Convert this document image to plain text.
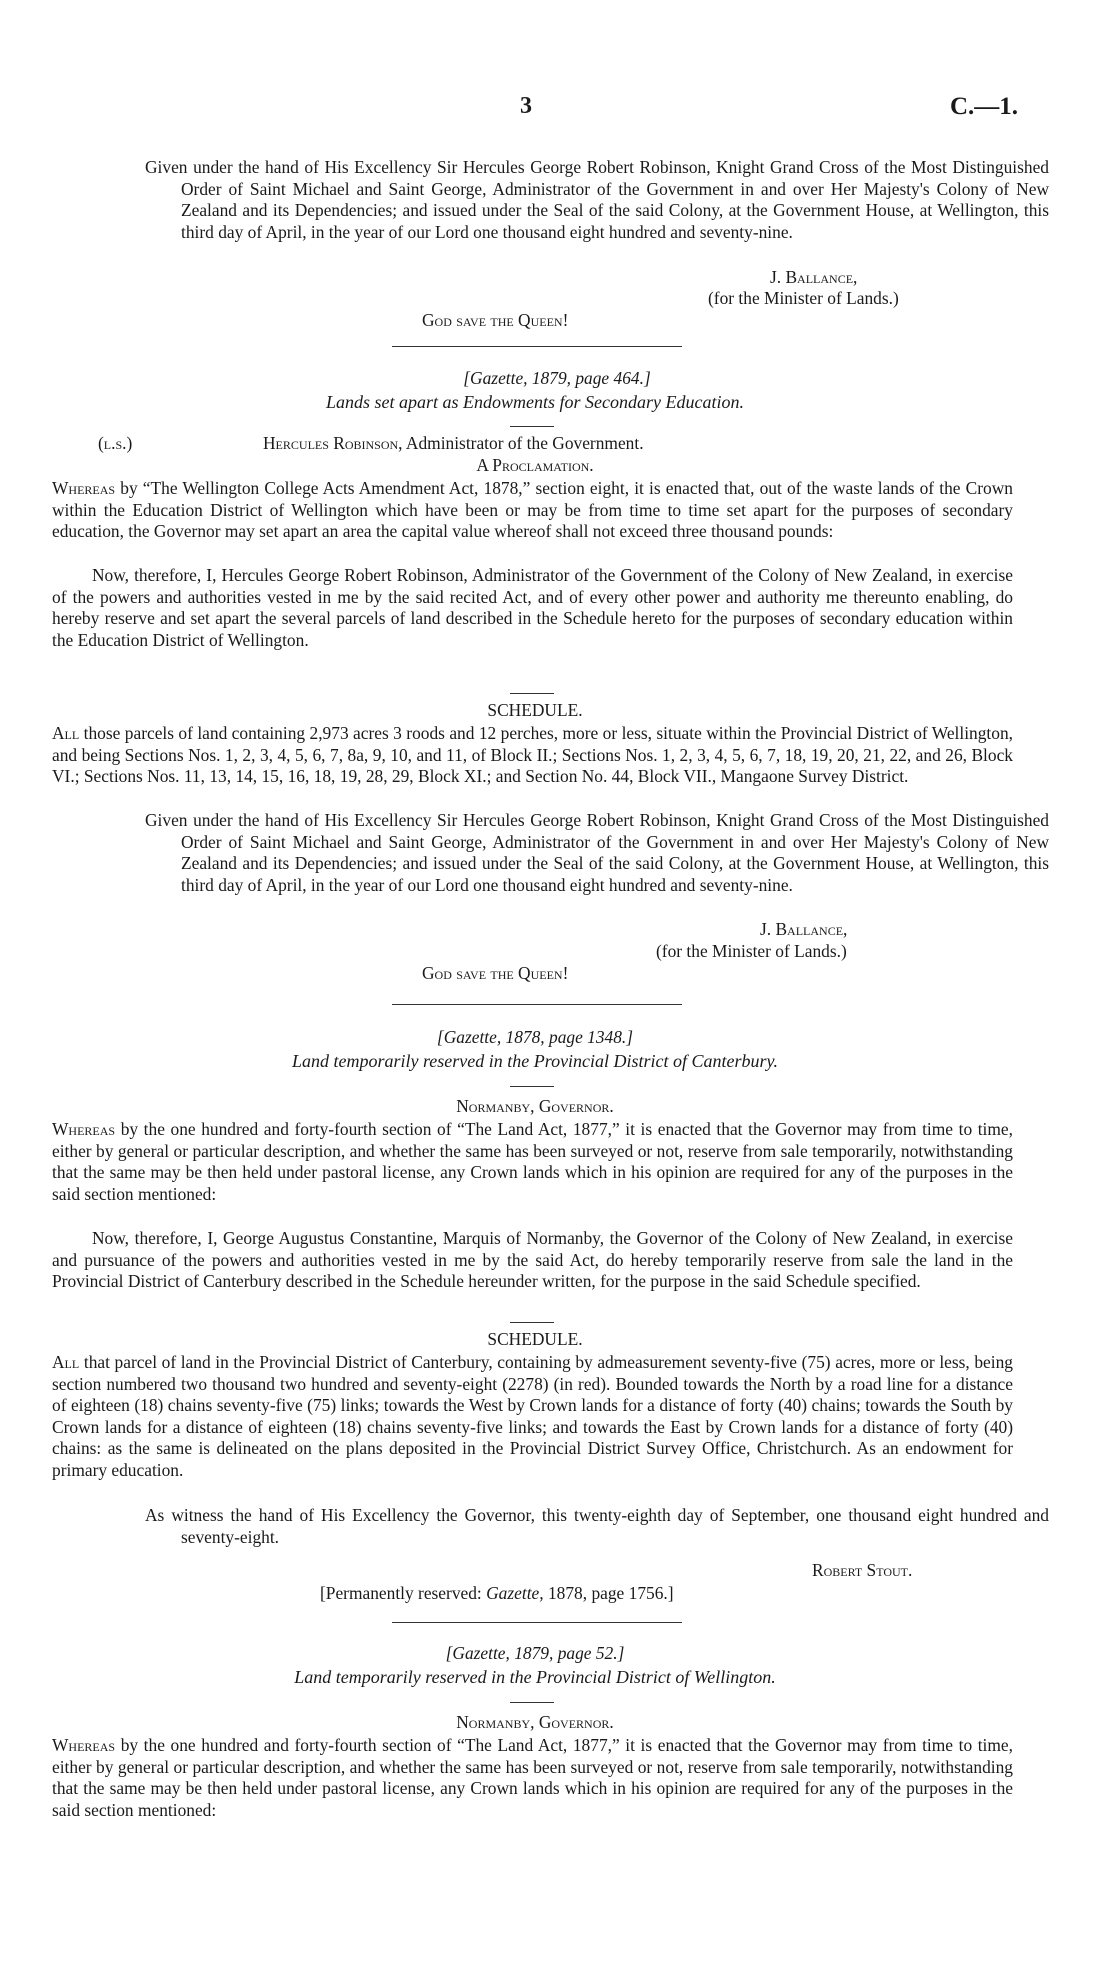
3	C.—1.

Given under the hand of His Excellency Sir Hercules George Robert Robinson, Knight Grand Cross of the Most Distinguished Order of Saint Michael and Saint George, Administrator of the Government in and over Her Majesty's Colony of New Zealand and its Dependencies; and issued under the Seal of the said Colony, at the Government House, at Wellington, this third day of April, in the year of our Lord one thousand eight hundred and seventy-nine.

J. Ballance,
(for the Minister of Lands.)
God save the Queen!
[Gazette, 1879, page 464.]
Lands set apart as Endowments for Secondary Education.
(l.s.)	Hercules Robinson, Administrator of the Government.
A Proclamation.

Whereas by “The Wellington College Acts Amendment Act, 1878,” section eight, it is enacted that, out of the waste lands of the Crown within the Education District of Wellington which have been or may be from time to time set apart for the purposes of secondary education, the Governor may set apart an area the capital value whereof shall not exceed three thousand pounds:

Now, therefore, I, Hercules George Robert Robinson, Administrator of the Government of the Colony of New Zealand, in exercise of the powers and authorities vested in me by the said recited Act, and of every other power and authority me thereunto enabling, do hereby reserve and set apart the several parcels of land described in the Schedule hereto for the purposes of secondary education within the Education District of Wellington.

SCHEDULE.

All those parcels of land containing 2,973 acres 3 roods and 12 perches, more or less, situate within the Provincial District of Wellington, and being Sections Nos. 1, 2, 3, 4, 5, 6, 7, 8a, 9, 10, and 11, of Block II.; Sections Nos. 1, 2, 3, 4, 5, 6, 7, 18, 19, 20, 21, 22, and 26, Block VI.; Sections Nos. 11, 13, 14, 15, 16, 18, 19, 28, 29, Block XI.; and Section No. 44, Block VII., Mangaone Survey District.

Given under the hand of His Excellency Sir Hercules George Robert Robinson, Knight Grand Cross of the Most Distinguished Order of Saint Michael and Saint George, Administrator of the Government in and over Her Majesty's Colony of New Zealand and its Dependencies; and issued under the Seal of the said Colony, at the Government House, at Wellington, this third day of April, in the year of our Lord one thousand eight hundred and seventy-nine.

J. Ballance,
(for the Minister of Lands.)
God save the Queen!
[Gazette, 1878, page 1348.]
Land temporarily reserved in the Provincial District of Canterbury.
Normanby, Governor.

Whereas by the one hundred and forty-fourth section of “The Land Act, 1877,” it is enacted that the Governor may from time to time, either by general or particular description, and whether the same has been surveyed or not, reserve from sale temporarily, notwithstanding that the same may be then held under pastoral license, any Crown lands which in his opinion are required for any of the purposes in the said section mentioned:

Now, therefore, I, George Augustus Constantine, Marquis of Normanby, the Governor of the Colony of New Zealand, in exercise and pursuance of the powers and authorities vested in me by the said Act, do hereby temporarily reserve from sale the land in the Provincial District of Canterbury described in the Schedule hereunder written, for the purpose in the said Schedule specified.

SCHEDULE.

All that parcel of land in the Provincial District of Canterbury, containing by admeasurement seventy-five (75) acres, more or less, being section numbered two thousand two hundred and seventy-eight (2278) (in red). Bounded towards the North by a road line for a distance of eighteen (18) chains seventy-five (75) links; towards the West by Crown lands for a distance of forty (40) chains; towards the South by Crown lands for a distance of eighteen (18) chains seventy-five links; and towards the East by Crown lands for a distance of forty (40) chains: as the same is delineated on the plans deposited in the Provincial District Survey Office, Christchurch. As an endowment for primary education.

As witness the hand of His Excellency the Governor, this twenty-eighth day of September, one thousand eight hundred and seventy-eight.

Robert Stout.
[Permanently reserved: Gazette, 1878, page 1756.]
[Gazette, 1879, page 52.]
Land temporarily reserved in the Provincial District of Wellington.
Normanby, Governor.

Whereas by the one hundred and forty-fourth section of “The Land Act, 1877,” it is enacted that the Governor may from time to time, either by general or particular description, and whether the same has been surveyed or not, reserve from sale temporarily, notwithstanding that the same may be then held under pastoral license, any Crown lands which in his opinion are required for any of the purposes in the said section mentioned:
